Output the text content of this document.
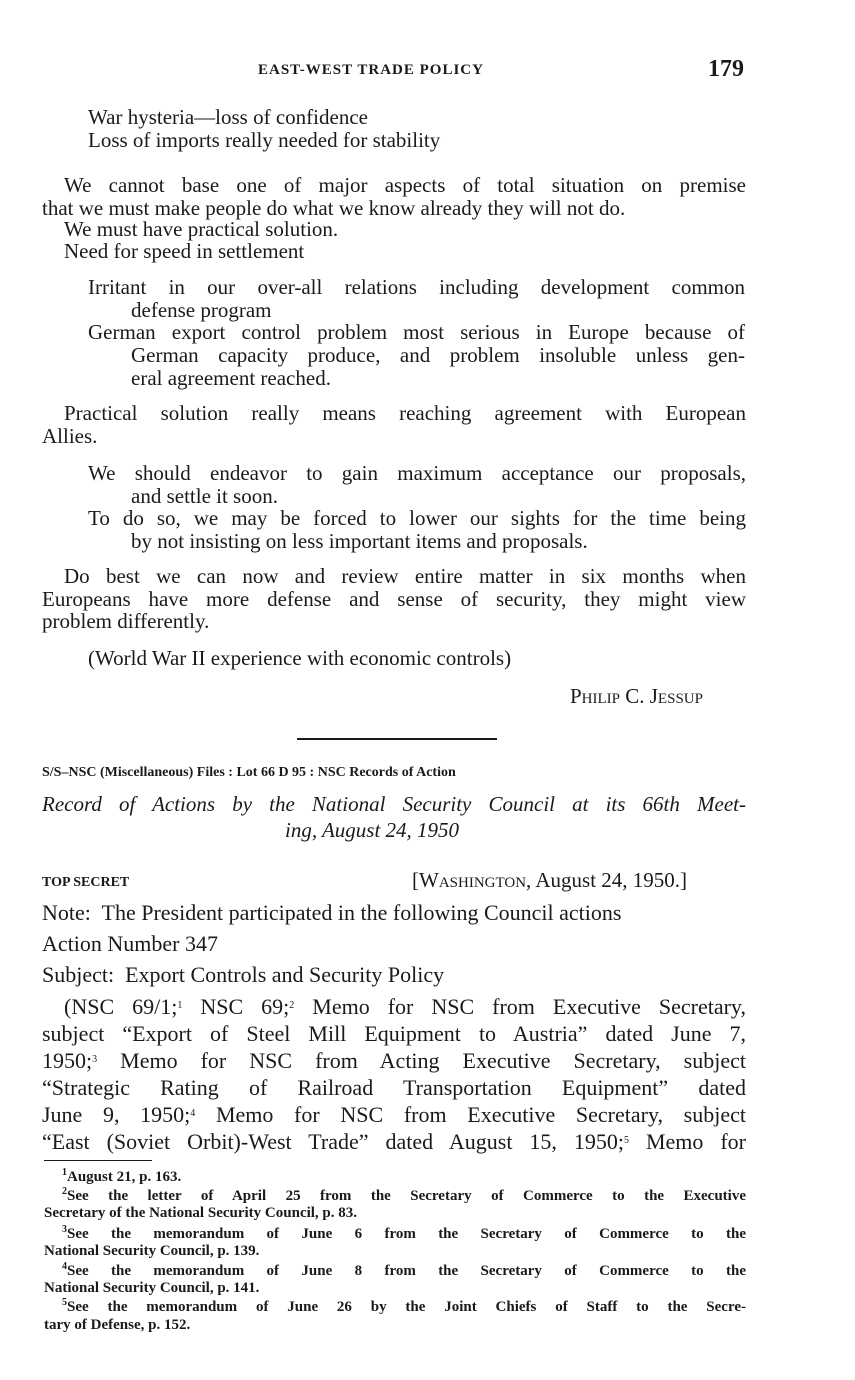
EAST-WEST TRADE POLICY	179
War hysteria—loss of confidence
Loss of imports really needed for stability
We cannot base one of major aspects of total situation on premise
that we must make people do what we know already they will not do.
We must have practical solution.
Need for speed in settlement
Irritant in our over-all relations including development common
defense program
German export control problem most serious in Europe because of
German capacity produce, and problem insoluble unless gen-
eral agreement reached.
Practical solution really means reaching agreement with European
Allies.
We should endeavor to gain maximum acceptance our proposals,
and settle it soon.
To do so, we may be forced to lower our sights for the time being
by not insisting on less important items and proposals.
Do best we can now and review entire matter in six months when
Europeans have more defense and sense of security, they might view
problem differently.
(World War II experience with economic controls)
Philip C. Jessup
S/S–NSC (Miscellaneous) Files : Lot 66 D 95 : NSC Records of Action
Record of Actions by the National Security Council at its 66th Meet-
ing, August 24, 1950
TOP SECRET	[Washington, August 24, 1950.]
Note: The President participated in the following Council actions
Action Number 347
Subject: Export Controls and Security Policy
(NSC 69/1;$^1$ NSC 69;$^2$ Memo for NSC from Executive Secretary,
subject “Export of Steel Mill Equipment to Austria” dated June 7,
1950;$^3$ Memo for NSC from Acting Executive Secretary, subject
“Strategic Rating of Railroad Transportation Equipment” dated
June 9, 1950;$^4$ Memo for NSC from Executive Secretary, subject
“East (Soviet Orbit)-West Trade” dated August 15, 1950;$^5$ Memo for
$^1$August 21, p. 163.
$^2$See the letter of April 25 from the Secretary of Commerce to the Executive
Secretary of the National Security Council, p. 83.
$^3$See the memorandum of June 6 from the Secretary of Commerce to the
National Security Council, p. 139.
$^4$See the memorandum of June 8 from the Secretary of Commerce to the
National Security Council, p. 141.
$^5$See the memorandum of June 26 by the Joint Chiefs of Staff to the Secre-
tary of Defense, p. 152.
